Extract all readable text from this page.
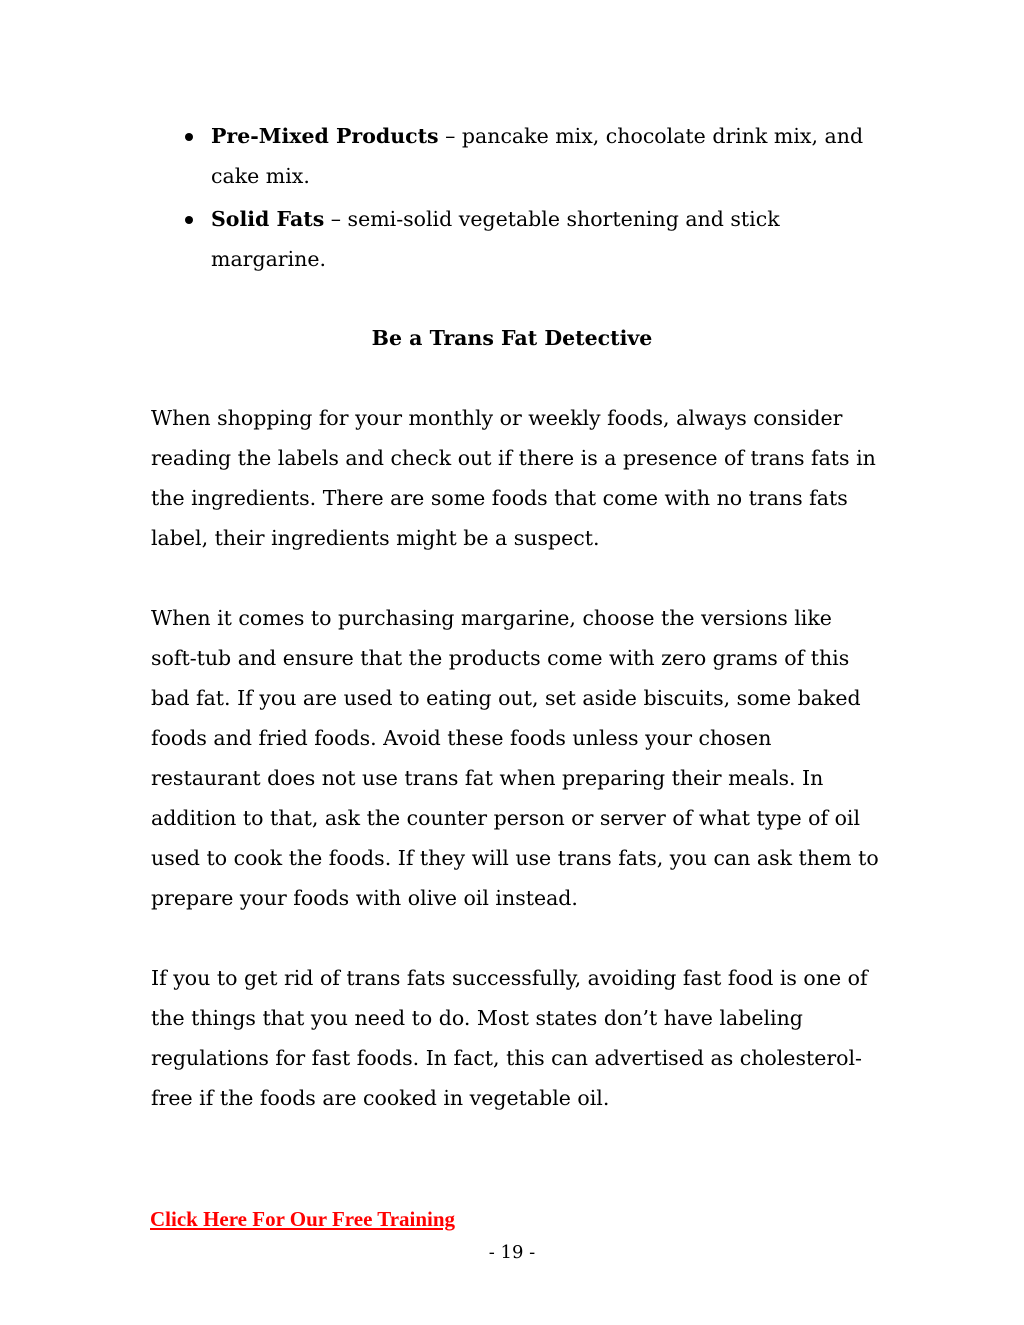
Pre-Mixed Products – pancake mix, chocolate drink mix, and cake mix.
Solid Fats – semi-solid vegetable shortening and stick margarine.
Be a Trans Fat Detective

When shopping for your monthly or weekly foods, always consider reading the labels and check out if there is a presence of trans fats in the ingredients. There are some foods that come with no trans fats label, their ingredients might be a suspect.

When it comes to purchasing margarine, choose the versions like soft-tub and ensure that the products come with zero grams of this bad fat. If you are used to eating out, set aside biscuits, some baked foods and fried foods. Avoid these foods unless your chosen restaurant does not use trans fat when preparing their meals. In addition to that, ask the counter person or server of what type of oil used to cook the foods. If they will use trans fats, you can ask them to prepare your foods with olive oil instead.

If you to get rid of trans fats successfully, avoiding fast food is one of the things that you need to do. Most states don’t have labeling regulations for fast foods. In fact, this can advertised as cholesterol-free if the foods are cooked in vegetable oil.

Click Here For Our Free Training
- 19 -
